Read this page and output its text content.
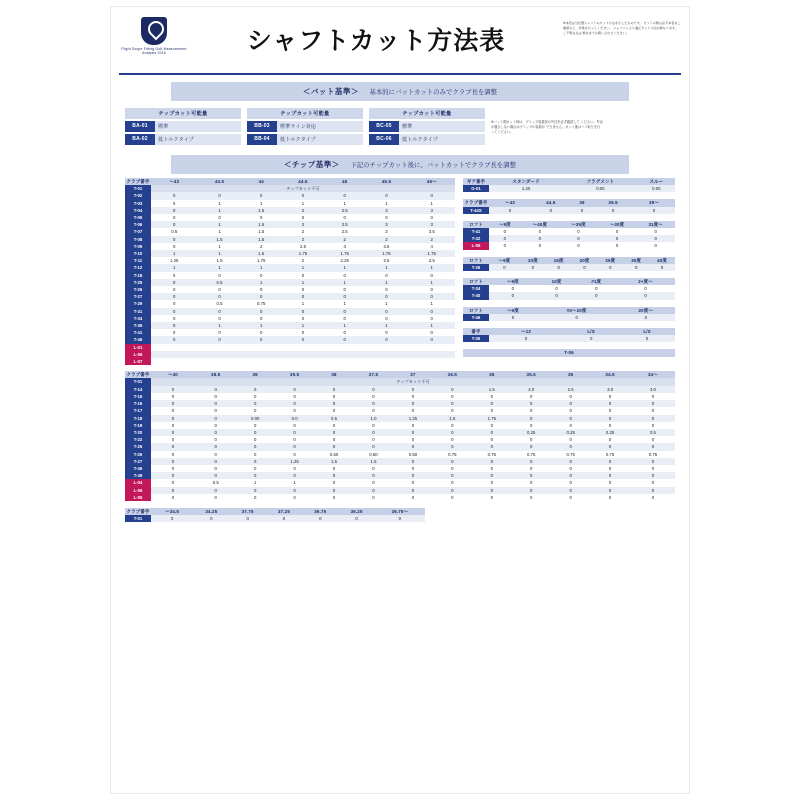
Flight Scope Fitting Golf Measurement Analysis 2016	シャフトカット方法表
※本表は当社製シャフトのカット方法を示したものです。 カットの際は必ず本表をご確認の上、作業を行ってください。 シャフトにより適正カット寸法が異なります。ご不明な点は 弊社までお問い合わせください。
＜バット基準＞ 基本的にバットカットのみでクラブ長を調整
チップカット可能量
BA-01	標準
BA-02	低トルクタイプ
チップカット可能量
BB-03	標準ライン対応
BB-04	低トルクタイプ
チップカット可能量
BC-05	標準
BC-06	低トルクタイプ
※バット側カット時は、グリップ装着部の外径を必ず確認して ください。外径が適合しない場合はグリップの装着が できません。カット後はバリ取りを行ってください。
＜チップ基準＞ 下記のチップカット後に、バットカットでクラブ長を調整
クラブ番手	～43	43.5	44	44.5	45	45.5	46～
T-01	チップカット不可						
T-02	0	0	0	0	0	0	0
T-03	0	1	1	1	1	1	1
T-04	0	1	1.5	2	2.5	3	3
T-05	0	0	0	0	0	0	0
T-06	0	1	1.5	2	2.5	3	3
T-07	0.5	1	1.5	2	2.5	3	3.5
T-08	0	1.5	1.5	2	2	2	2
T-09	0	1	2	2.5	3	3.5	4
T-10	1	1	1.5	1.75	1.75	1.75	1.75
T-11	1.25	1.5	1.75	2	2.25	2.5	2.5
T-12	1	1	1	1	1	1	1
T-18	0	0	0	0	0	0	0
T-25	0	0.5	1	1	1	1	1
T-26	0	0	0	0	0	0	0
T-27	0	0	0	0	0	0	0
T-29	0	0.5	0.75	1	1	1	1
T-31	0	0	0	0	0	0	0
T-34	0	0	0	0	0	0	0
T-36	0	1	1	1	1	1	1
T-41	0	0	0	0	0	0	0
T-46	0	0	0	0	0	0	0
L-01							
L-06							
L-07							
ギア番手	スタンダード	フラグメント	スルー
G-01	1.20	0.00	0.00
クラブ番手	～43	44.5	39	39.5	39～
T-44S	0	0	0	0	0
ロフト	～9度	～40度	～39度	～30度	31度～
T-41	0	0	0	0	0
T-42	0	0	0	0	0
L-06	0	0	0	0	0
ロフト	～9度	10度	16度	20度	25度	30度	40度
T-26	0	0	0	0	0	0	0
ロフト	～9度	10度	#1度	2+度～
T-34	0	0	0	0
T-40	0	0	0	0
ロフト	～9度	#0～20度	20度～
T-46	0	0	0
番手	～12	L/S	L/S
T-36	0	0	0
T-06
クラブ番手	～40	38.5	39	39.5	38	37.5	37	36.5	36	35.5	35	34.5	34～
T-01	チップカット不可												
T-14	0	0	0	0	0	0	0	0	1.5	2.0	2.5	3.0	3.0
T-15	0	0	0	0	0	0	0	0	0	0	0	0	0
T-16	0	0	0	0	0	0	0	0	0	0	0	0	0
T-17	0	0	0	0	0	0	0	0	0	0	0	0	0
T-18	0	0	0.00	0.0	0.5	1.0	1.25	1.5	1.75	0	0	0	0
T-19	0	0	0	0	0	0	0	0	0	0	0	0	0
T-20	0	0	0	0	0	0	0	0	0	0.25	0.25	0.25	0.5
T-22	0	0	0	0	0	0	0	0	0	0	0	0	0
T-25	0	0	0	0	0	0	0	0	0	0	0	0	0
T-26	0	0	0	0	0.50	0.50	0.50	0.75	0.75	0.75	0.75	0.75	0.75
T-27	0	0	0	1.25	1.5	1.5	0	0	0	0	0	0	0
T-46	0	0	0	0	0	0	0	0	0	0	0	0	0
T-49	0	0	0	0	0	0	0	0	0	0	0	0	0
L-04	0	0.5	1	1	0	0	0	0	0	0	0	0	0
L-06	0	0	0	0	0	0	0	0	0	0	0	0	0
L-05	0	0	0	0	0	0	0	0	0	0	0	0	0
クラブ番手	～34.5	34.25	37.75	37.25	36.75	36.25	36.75～
T-01	0	0	0	0	0	0	0
